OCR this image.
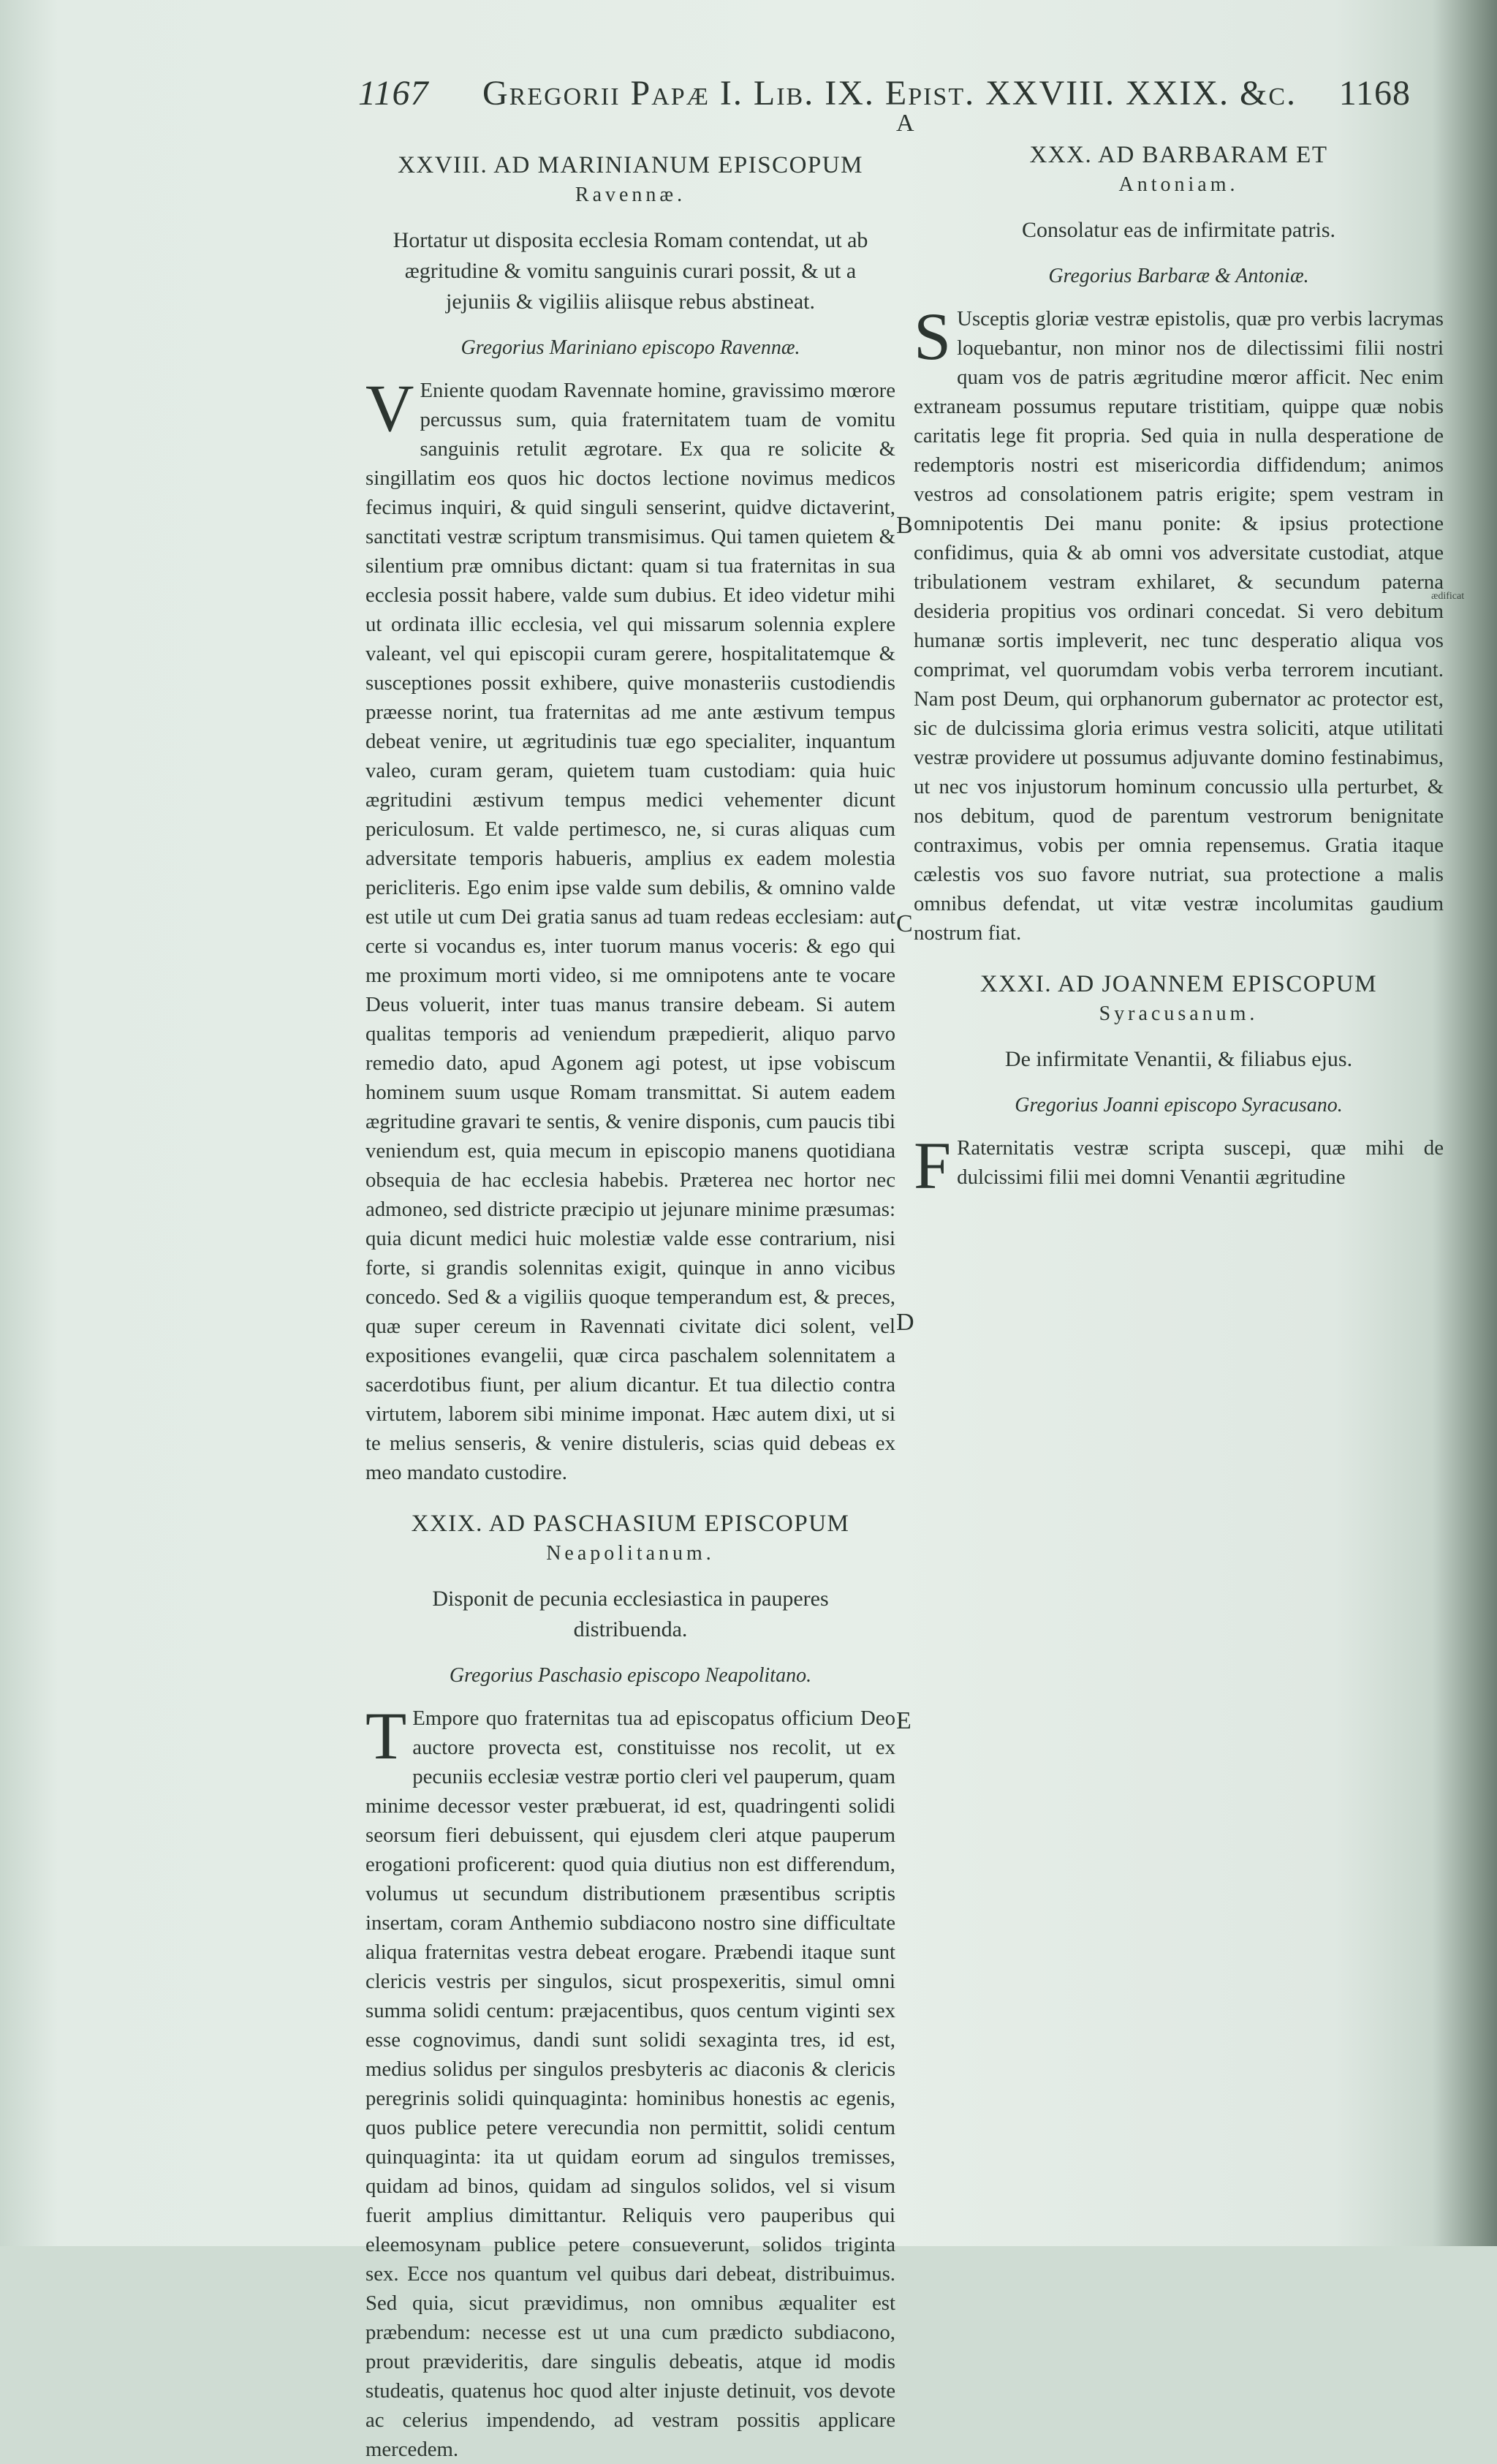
1167 Gregorii Papæ I. Lib. IX. Epist. XXVIII. XXIX. &c. 1168
A
B
C
D
E
ædificat
XXVIII. AD MARINIANUM EPISCOPUM
Ravennæ.
Hortatur ut disposita ecclesia Romam contendat, ut ab ægritudine & vomitu sanguinis curari possit, & ut a jejuniis & vigiliis aliisque rebus abstineat.
Gregorius Mariniano episcopo Ravennæ.

V Eniente quodam Ravennate homine, gravissimo mœrore percussus sum, quia fraternitatem tuam de vomitu sanguinis retulit ægrotare. Ex qua re solicite & singillatim eos quos hic doctos lectione novimus medicos fecimus inquiri, & quid singuli senserint, quidve dictaverint, sanctitati vestræ scriptum transmisimus. Qui tamen quietem & silentium præ omnibus dictant: quam si tua fraternitas in sua ecclesia possit habere, valde sum dubius. Et ideo videtur mihi ut ordinata illic ecclesia, vel qui missarum solennia explere valeant, vel qui episcopii curam gerere, hospitalitatemque & susceptiones possit exhibere, quive monasteriis custodiendis præesse norint, tua fraternitas ad me ante æstivum tempus debeat venire, ut ægritudinis tuæ ego specialiter, inquantum valeo, curam geram, quietem tuam custodiam: quia huic ægritudini æstivum tempus medici vehementer dicunt periculosum. Et valde pertimesco, ne, si curas aliquas cum adversitate temporis habueris, amplius ex eadem molestia pericliteris. Ego enim ipse valde sum debilis, & omnino valde est utile ut cum Dei gratia sanus ad tuam redeas ecclesiam: aut certe si vocandus es, inter tuorum manus voceris: & ego qui me proximum morti video, si me omnipotens ante te vocare Deus voluerit, inter tuas manus transire debeam. Si autem qualitas temporis ad veniendum præpedierit, aliquo parvo remedio dato, apud Agonem agi potest, ut ipse vobiscum hominem suum usque Romam transmittat. Si autem eadem ægritudine gravari te sentis, & venire disponis, cum paucis tibi veniendum est, quia mecum in episcopio manens quotidiana obsequia de hac ecclesia habebis. Præterea nec hortor nec admoneo, sed districte præcipio ut jejunare minime præsumas: quia dicunt medici huic molestiæ valde esse contrarium, nisi forte, si grandis solennitas exigit, quinque in anno vicibus concedo. Sed & a vigiliis quoque temperandum est, & preces, quæ super cereum in Ravennati civitate dici solent, vel expositiones evangelii, quæ circa paschalem solennitatem a sacerdotibus fiunt, per alium dicantur. Et tua dilectio contra virtutem, laborem sibi minime imponat. Hæc autem dixi, ut si te melius senseris, & venire distuleris, scias quid debeas ex meo mandato custodire.

XXIX. AD PASCHASIUM EPISCOPUM
Neapolitanum.
Disponit de pecunia ecclesiastica in pauperes distribuenda.
Gregorius Paschasio episcopo Neapolitano.

T Empore quo fraternitas tua ad episcopatus officium Deo auctore provecta est, constituisse nos recolit, ut ex pecuniis ecclesiæ vestræ portio cleri vel pauperum, quam minime decessor vester præbuerat, id est, quadringenti solidi seorsum fieri debuissent, qui ejusdem cleri atque pauperum erogationi proficerent: quod quia diutius non est differendum, volumus ut secundum distributionem præsentibus scriptis insertam, coram Anthemio subdiacono nostro sine difficultate aliqua fraternitas vestra debeat erogare. Præbendi itaque sunt clericis vestris per singulos, sicut prospexeritis, simul omni summa solidi centum: præjacentibus, quos centum viginti sex esse cognovimus, dandi sunt solidi sexaginta tres, id est, medius solidus per singulos presbyteris ac diaconis & clericis peregrinis solidi quinquaginta: hominibus honestis ac egenis, quos publice petere verecundia non permittit, solidi centum quinquaginta: ita ut quidam eorum ad singulos tremisses, quidam ad binos, quidam ad singulos solidos, vel si visum fuerit amplius dimittantur. Reliquis vero pauperibus qui eleemosynam publice petere consueverunt, solidos triginta sex. Ecce nos quantum vel quibus dari debeat, distribuimus. Sed quia, sicut prævidimus, non omnibus æqualiter est præbendum: necesse est ut una cum prædicto subdiacono, prout prævideritis, dare singulis debeatis, atque id modis studeatis, quatenus hoc quod alter injuste detinuit, vos devote ac celerius impendendo, ad vestram possitis applicare mercedem.

XXX. AD BARBARAM ET
Antoniam.
Consolatur eas de infirmitate patris.
Gregorius Barbaræ & Antoniæ.

S Usceptis gloriæ vestræ epistolis, quæ pro verbis lacrymas loquebantur, non minor nos de dilectissimi filii nostri quam vos de patris ægritudine mœror afficit. Nec enim extraneam possumus reputare tristitiam, quippe quæ nobis caritatis lege fit propria. Sed quia in nulla desperatione de redemptoris nostri est misericordia diffidendum; animos vestros ad consolationem patris erigite; spem vestram in omnipotentis Dei manu ponite: & ipsius protectione confidimus, quia & ab omni vos adversitate custodiat, atque tribulationem vestram exhilaret, & secundum paterna desideria propitius vos ordinari concedat. Si vero debitum humanæ sortis impleverit, nec tunc desperatio aliqua vos comprimat, vel quorumdam vobis verba terrorem incutiant. Nam post Deum, qui orphanorum gubernator ac protector est, sic de dulcissima gloria erimus vestra soliciti, atque utilitati vestræ providere ut possumus adjuvante domino festinabimus, ut nec vos injustorum hominum concussio ulla perturbet, & nos debitum, quod de parentum vestrorum benignitate contraximus, vobis per omnia repensemus. Gratia itaque cælestis vos suo favore nutriat, sua protectione a malis omnibus defendat, ut vitæ vestræ incolumitas gaudium nostrum fiat.

XXXI. AD JOANNEM EPISCOPUM
Syracusanum.
De infirmitate Venantii, & filiabus ejus.
Gregorius Joanni episcopo Syracusano.

F Raternitatis vestræ scripta suscepi, quæ mihi de dulcissimi filii mei domni Venantii ægritudine
